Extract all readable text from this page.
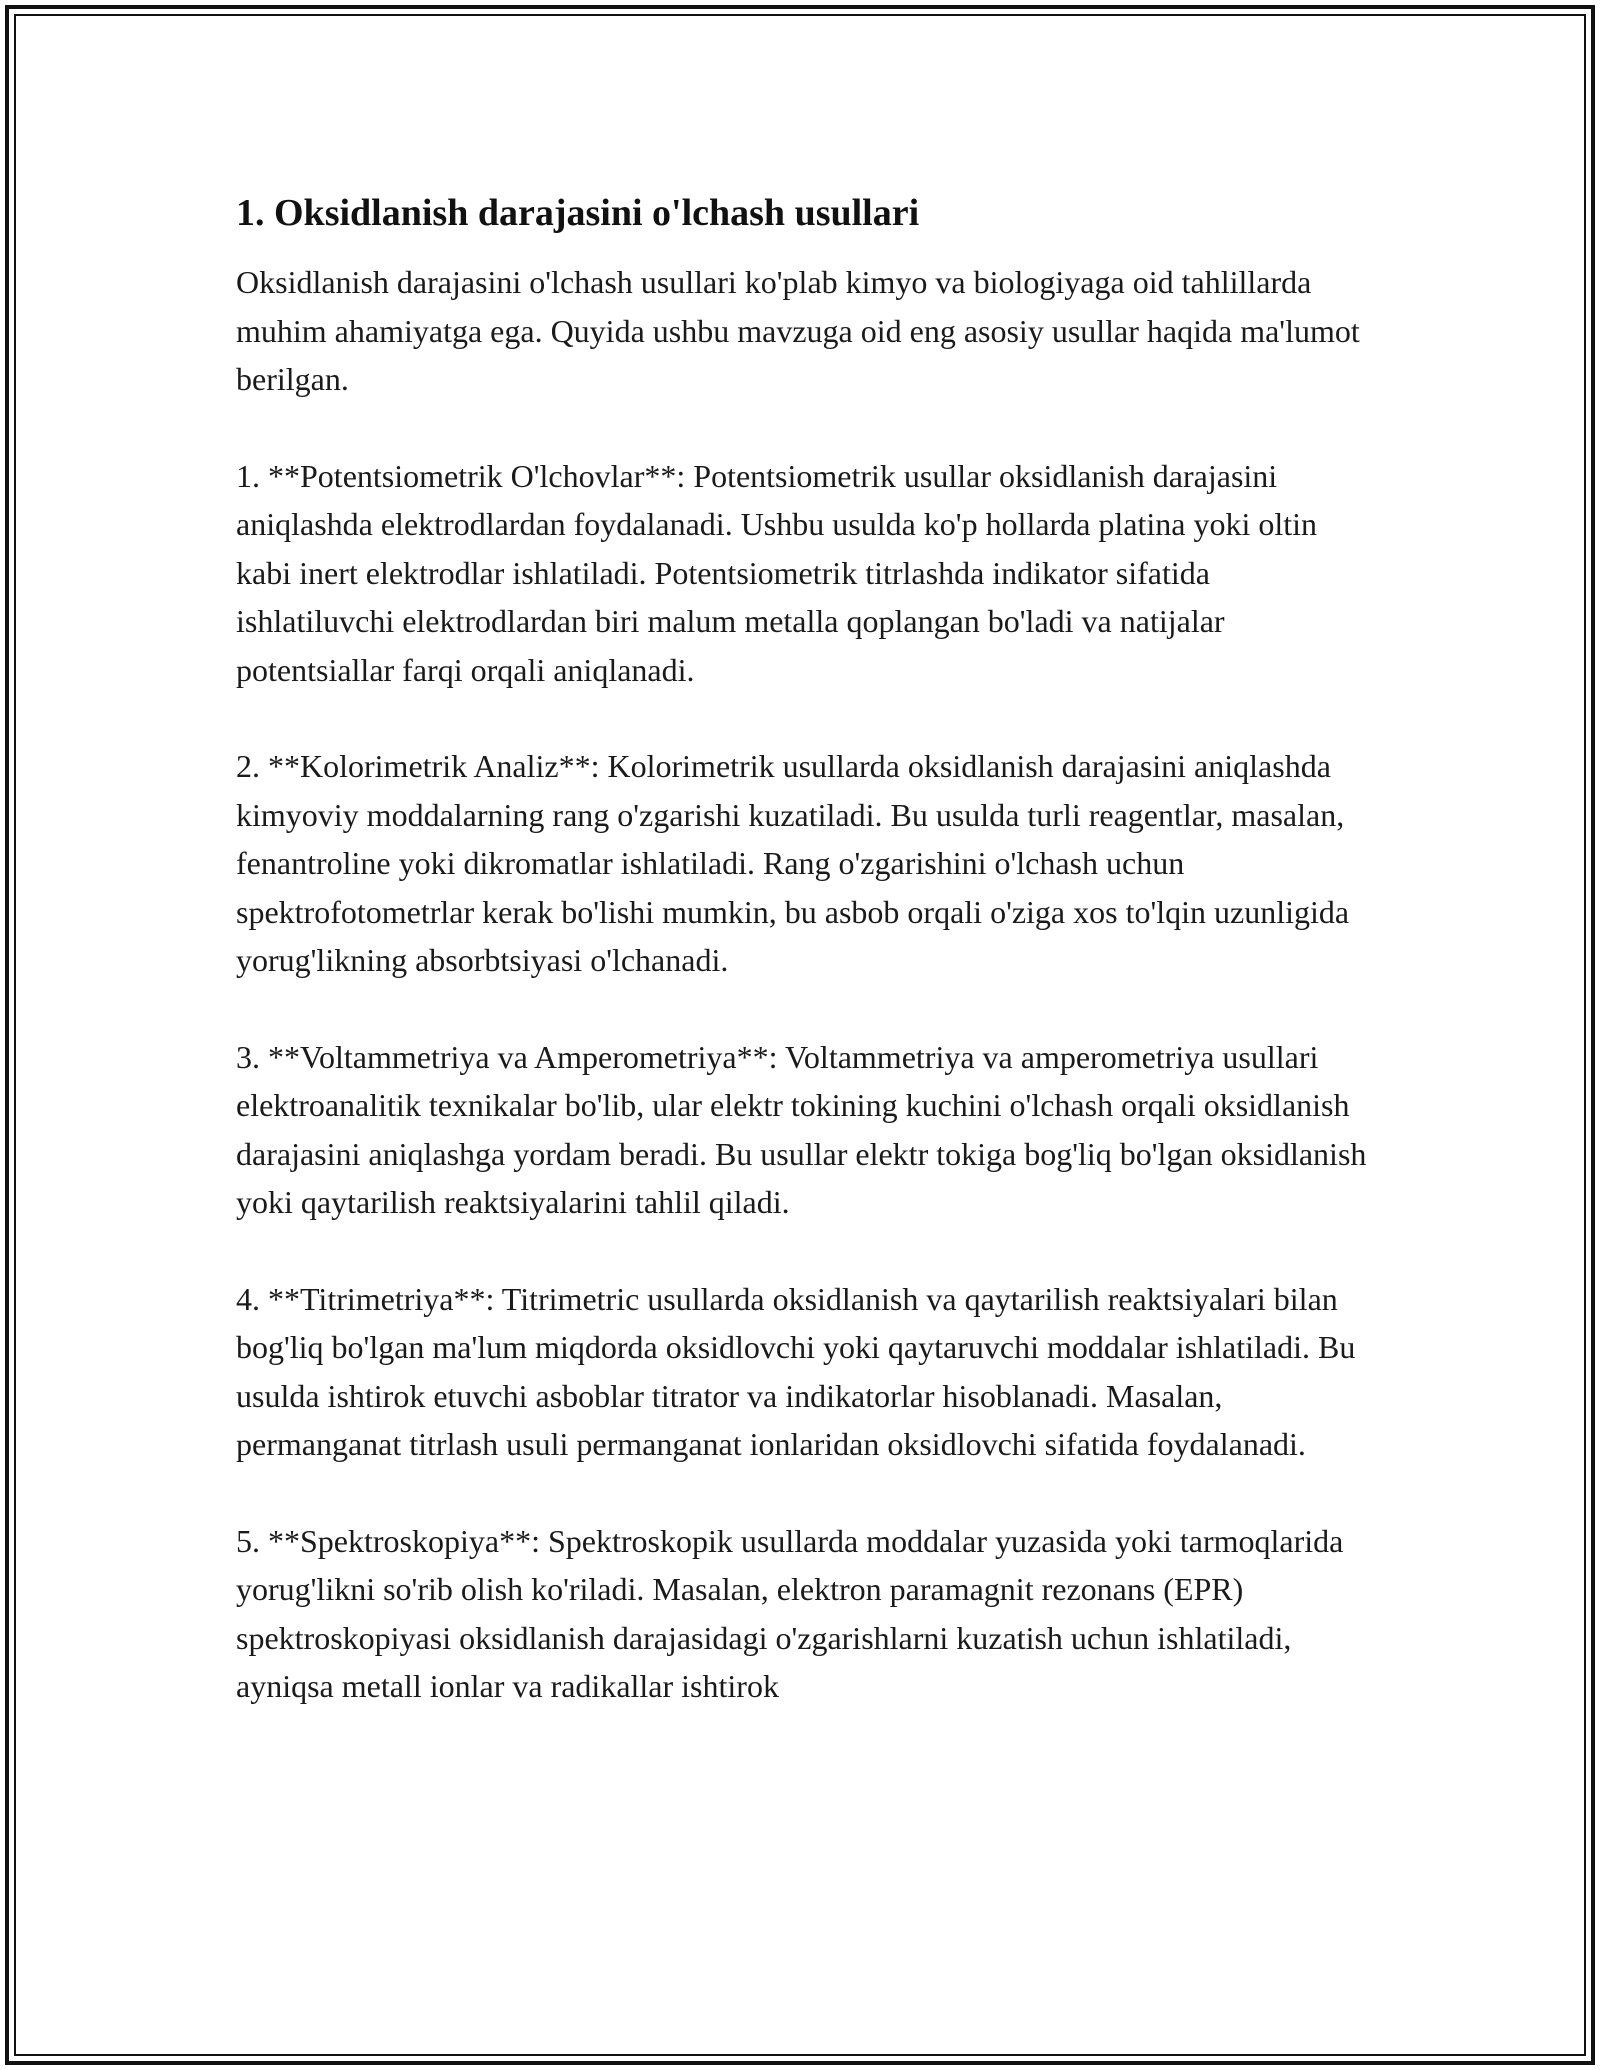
1. Oksidlanish darajasini o'lchash usullari

Oksidlanish darajasini o'lchash usullari ko'plab kimyo va biologiyaga oid tahlillarda muhim ahamiyatga ega. Quyida ushbu mavzuga oid eng asosiy usullar haqida ma'lumot berilgan.

1. **Potentsiometrik O'lchovlar**: Potentsiometrik usullar oksidlanish darajasini aniqlashda elektrodlardan foydalanadi. Ushbu usulda ko'p hollarda platina yoki oltin kabi inert elektrodlar ishlatiladi. Potentsiometrik titrlashda indikator sifatida ishlatiluvchi elektrodlardan biri malum metalla qoplangan bo'ladi va natijalar potentsiallar farqi orqali aniqlanadi.

2. **Kolorimetrik Analiz**: Kolorimetrik usullarda oksidlanish darajasini aniqlashda kimyoviy moddalarning rang o'zgarishi kuzatiladi. Bu usulda turli reagentlar, masalan, fenantroline yoki dikromatlar ishlatiladi. Rang o'zgarishini o'lchash uchun spektrofotometrlar kerak bo'lishi mumkin, bu asbob orqali o'ziga xos to'lqin uzunligida yorug'likning absorbtsiyasi o'lchanadi.

3. **Voltammetriya va Amperometriya**: Voltammetriya va amperometriya usullari elektroanalitik texnikalar bo'lib, ular elektr tokining kuchini o'lchash orqali oksidlanish darajasini aniqlashga yordam beradi. Bu usullar elektr tokiga bog'liq bo'lgan oksidlanish yoki qaytarilish reaktsiyalarini tahlil qiladi.

4. **Titrimetriya**: Titrimetric usullarda oksidlanish va qaytarilish reaktsiyalari bilan bog'liq bo'lgan ma'lum miqdorda oksidlovchi yoki qaytaruvchi moddalar ishlatiladi. Bu usulda ishtirok etuvchi asboblar titrator va indikatorlar hisoblanadi. Masalan, permanganat titrlash usuli permanganat ionlaridan oksidlovchi sifatida foydalanadi.

5. **Spektroskopiya**: Spektroskopik usullarda moddalar yuzasida yoki tarmoqlarida yorug'likni so'rib olish ko'riladi. Masalan, elektron paramagnit rezonans (EPR) spektroskopiyasi oksidlanish darajasidagi o'zgarishlarni kuzatish uchun ishlatiladi, ayniqsa metall ionlar va radikallar ishtirok
